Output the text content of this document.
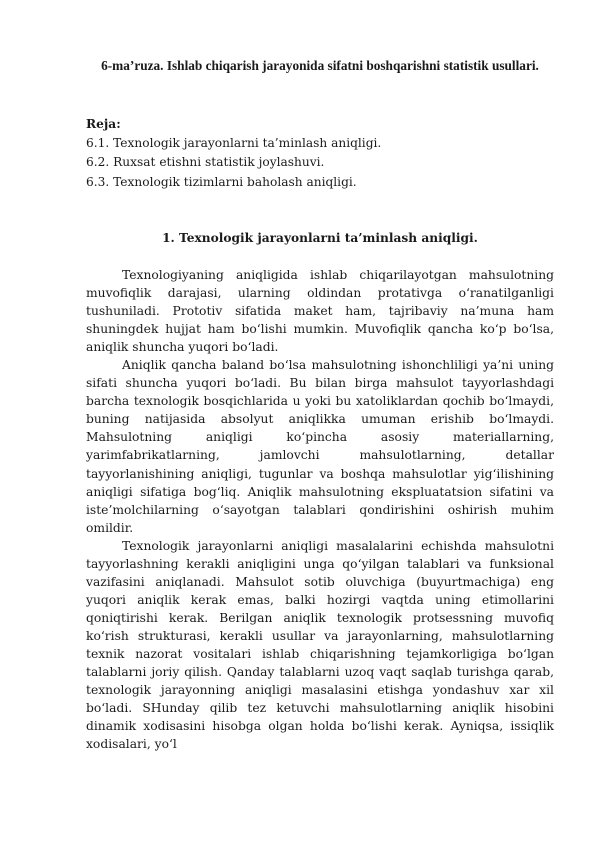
6-ma’ruza. Ishlab chiqarish jarayonida sifatni boshqarishni statistik usullari.

Reja:

6.1. Texnologik jarayonlarni ta’minlash aniqligi.
6.2. Ruxsat etishni statistik joylashuvi.
6.3. Texnologik tizimlarni baholash aniqligi.
1. Texnologik jarayonlarni ta’minlash aniqligi.

Texnologiyaning aniqligida ishlab chiqarilayotgan mahsulotning muvofiqlik darajasi, ularning oldindan protativga o‘ranatilganligi tushuniladi. Prototiv sifatida maket ham, tajribaviy na’muna ham shuningdek hujjat ham bo‘lishi mumkin. Muvofiqlik qancha ko‘p bo‘lsa, aniqlik shuncha yuqori bo‘ladi.

Aniqlik qancha baland bo‘lsa mahsulotning ishonchliligi ya’ni uning sifati shuncha yuqori bo‘ladi. Bu bilan birga mahsulot tayyorlashdagi barcha texnologik bosqichlarida u yoki bu xatoliklardan qochib bo‘lmaydi, buning natijasida absolyut aniqlikka umuman erishib bo‘lmaydi. Mahsulotning aniqligi ko‘pincha asosiy materiallarning, yarimfabrikatlarning, jamlovchi mahsulotlarning, detallar tayyorlanishining aniqligi, tugunlar va boshqa mahsulotlar yig‘ilishining aniqligi sifatiga bog‘liq. Aniqlik mahsulotning ekspluatatsion sifatini va iste’molchilarning o‘sayotgan talablari qondirishini oshirish muhim omildir.

Texnologik jarayonlarni aniqligi masalalarini echishda mahsulotni tayyorlashning kerakli aniqligini unga qo‘yilgan talablari va funksional vazifasini aniqlanadi. Mahsulot sotib oluvchiga (buyurtmachiga) eng yuqori aniqlik kerak emas, balki hozirgi vaqtda uning etimollarini qoniqtirishi kerak. Berilgan aniqlik texnologik protsessning muvofiq ko‘rish strukturasi, kerakli usullar va jarayonlarning, mahsulotlarning texnik nazorat vositalari ishlab chiqarishning tejamkorligiga bo‘lgan talablarni joriy qilish. Qanday talablarni uzoq vaqt saqlab turishga qarab, texnologik jarayonning aniqligi masalasini etishga yondashuv xar xil bo‘ladi. SHunday qilib tez ketuvchi mahsulotlarning aniqlik hisobini dinamik xodisasini hisobga olgan holda bo‘lishi kerak. Ayniqsa, issiqlik xodisalari, yo‘l
